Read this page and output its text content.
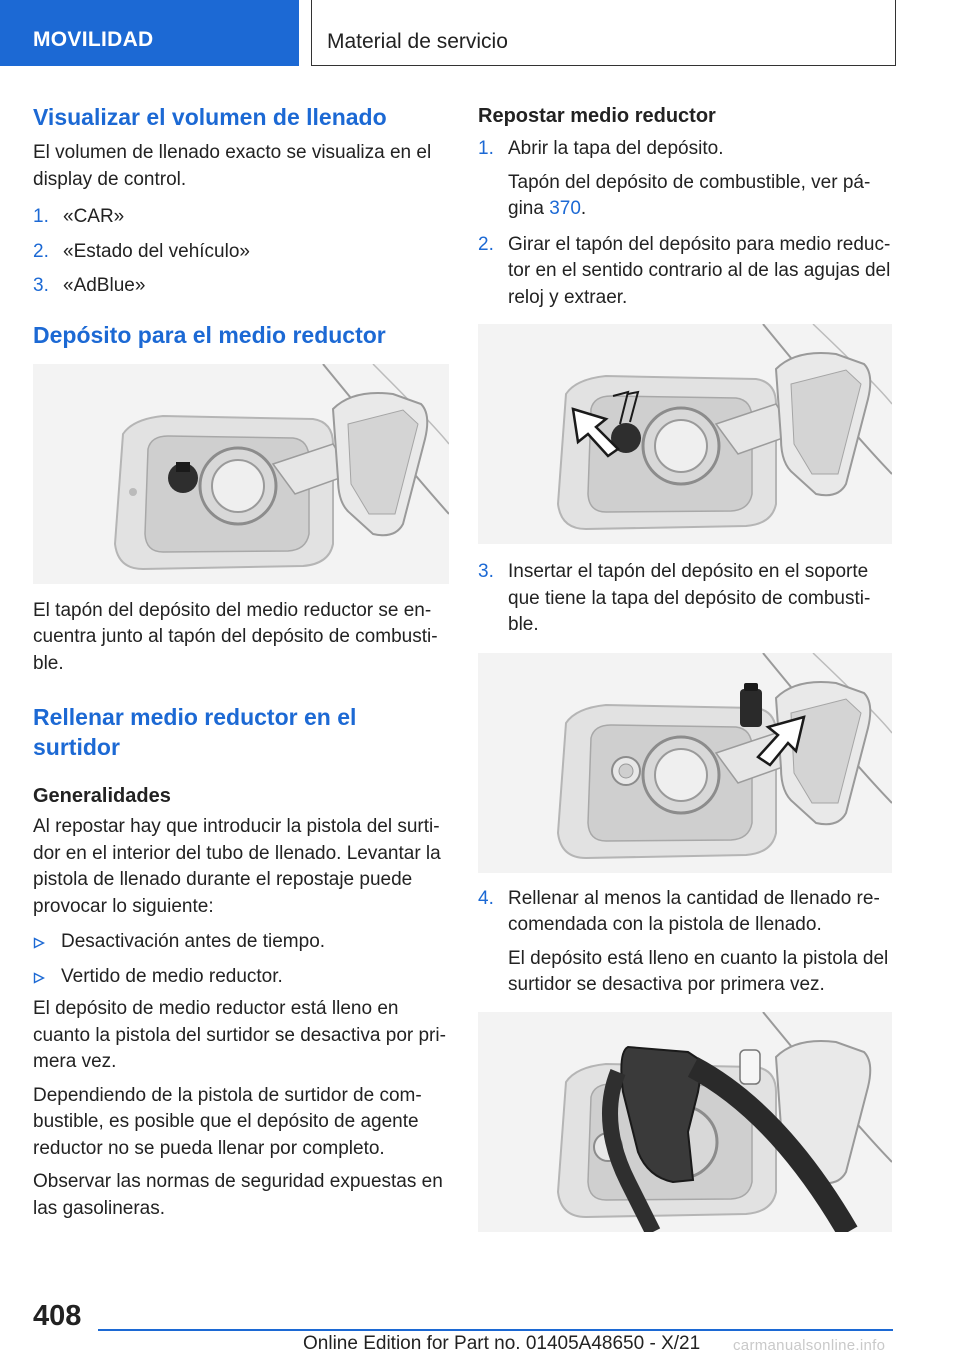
MOVILIDAD	Material de servicio
Visualizar el volumen de llenado
El volumen de llenado exacto se visualiza en el display de control.
1. «CAR»
2. «Estado del vehículo»
3. «AdBlue»
Depósito para el medio reductor
El tapón del depósito del medio reductor se encuentra junto al tapón del depósito de combustible.
Rellenar medio reductor en el surtidor
Generalidades
Al repostar hay que introducir la pistola del surtidor en el interior del tubo de llenado. Levantar la pistola de llenado durante el repostaje puede provocar lo siguiente:
Desactivación antes de tiempo.
Vertido de medio reductor.
El depósito de medio reductor está lleno en cuanto la pistola del surtidor se desactiva por primera vez.
Dependiendo de la pistola de surtidor de combustible, es posible que el depósito de agente reductor no se pueda llenar por completo.
Observar las normas de seguridad expuestas en las gasolineras.
Repostar medio reductor
1. Abrir la tapa del depósito.
Tapón del depósito de combustible, ver página 370.
2. Girar el tapón del depósito para medio reductor en el sentido contrario al de las agujas del reloj y extraer.
3. Insertar el tapón del depósito en el soporte que tiene la tapa del depósito de combustible.
4. Rellenar al menos la cantidad de llenado recomendada con la pistola de llenado.
El depósito está lleno en cuanto la pistola del surtidor se desactiva por primera vez.
408
Online Edition for Part no. 01405A48650 - X/21 carmanualsonline.info
